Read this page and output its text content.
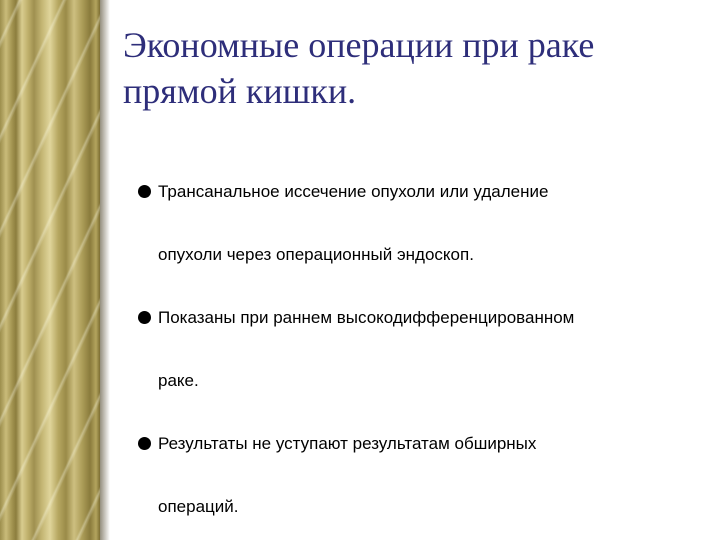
Экономные операции при раке прямой кишки.
Трансанальное иссечение опухоли или удаление
опухоли через операционный эндоскоп.
Показаны при раннем высокодифференцированном
раке.
Результаты не уступают результатам обширных
операций.
